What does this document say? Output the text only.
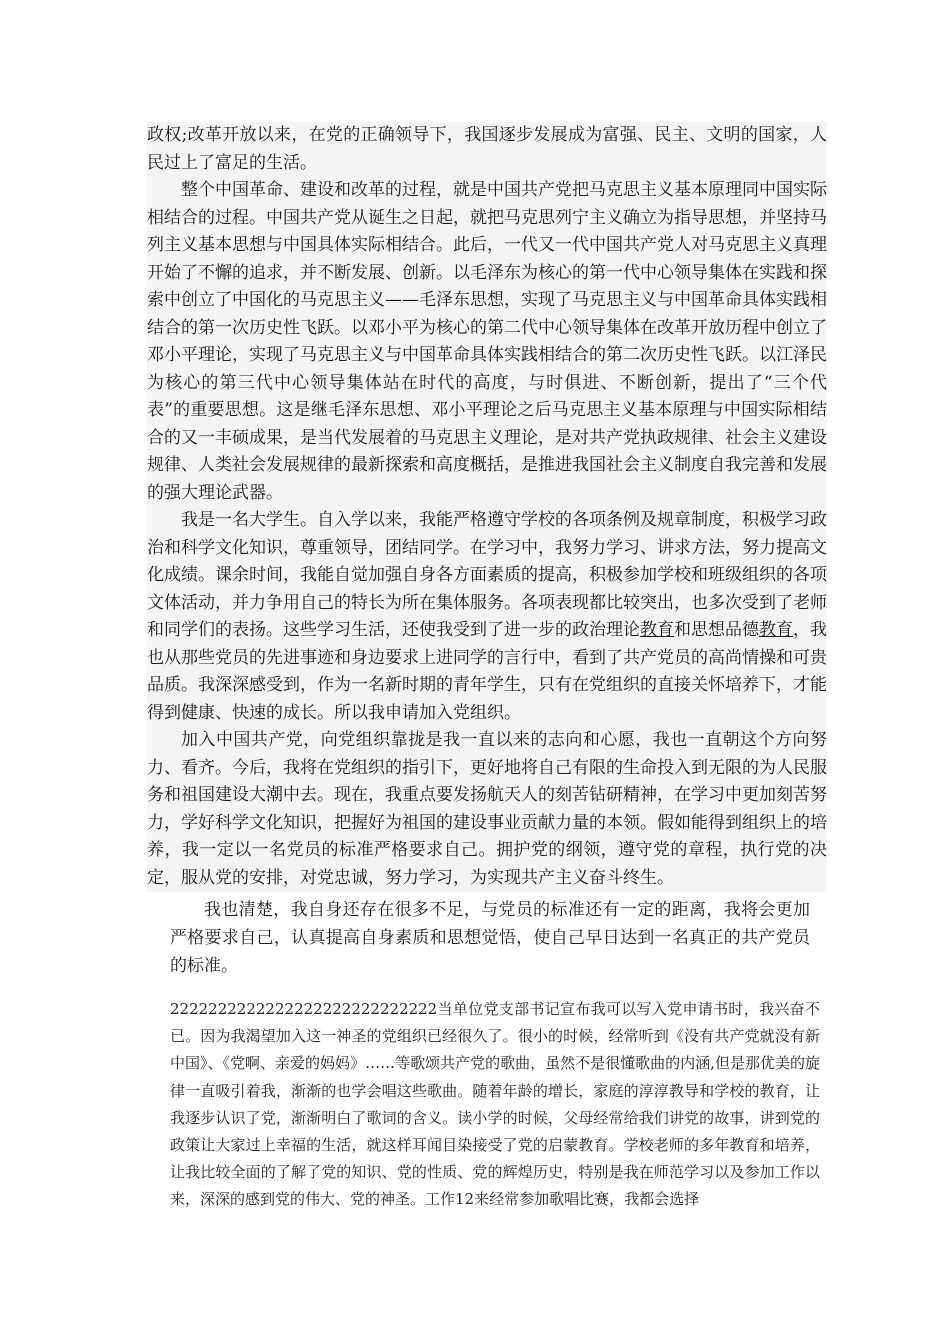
政权;改革开放以来，在党的正确领导下，我国逐步发展成为富强、民主、文明的国家，人民过上了富足的生活。

整个中国革命、建设和改革的过程，就是中国共产党把马克思主义基本原理同中国实际相结合的过程。中国共产党从诞生之日起，就把马克思列宁主义确立为指导思想，并坚持马列主义基本思想与中国具体实际相结合。此后，一代又一代中国共产党人对马克思主义真理开始了不懈的追求，并不断发展、创新。以毛泽东为核心的第一代中心领导集体在实践和探索中创立了中国化的马克思主义——毛泽东思想，实现了马克思主义与中国革命具体实践相结合的第一次历史性飞跃。以邓小平为核心的第二代中心领导集体在改革开放历程中创立了邓小平理论，实现了马克思主义与中国革命具体实践相结合的第二次历史性飞跃。以江泽民为核心的第三代中心领导集体站在时代的高度，与时俱进、不断创新，提出了“三个代表”的重要思想。这是继毛泽东思想、邓小平理论之后马克思主义基本原理与中国实际相结合的又一丰硕成果，是当代发展着的马克思主义理论，是对共产党执政规律、社会主义建设规律、人类社会发展规律的最新探索和高度概括，是推进我国社会主义制度自我完善和发展的强大理论武器。

我是一名大学生。自入学以来，我能严格遵守学校的各项条例及规章制度，积极学习政治和科学文化知识，尊重领导，团结同学。在学习中，我努力学习、讲求方法，努力提高文化成绩。课余时间，我能自觉加强自身各方面素质的提高，积极参加学校和班级组织的各项文体活动，并力争用自己的特长为所在集体服务。各项表现都比较突出，也多次受到了老师和同学们的表扬。这些学习生活，还使我受到了进一步的政治理论教育和思想品德教育，我也从那些党员的先进事迹和身边要求上进同学的言行中，看到了共产党员的高尚情操和可贵品质。我深深感受到，作为一名新时期的青年学生，只有在党组织的直接关怀培养下，才能得到健康、快速的成长。所以我申请加入党组织。

加入中国共产党，向党组织靠拢是我一直以来的志向和心愿，我也一直朝这个方向努力、看齐。今后，我将在党组织的指引下，更好地将自己有限的生命投入到无限的为人民服务和祖国建设大潮中去。现在，我重点要发扬航天人的刻苦钻研精神，在学习中更加刻苦努力，学好科学文化知识，把握好为祖国的建设事业贡献力量的本领。假如能得到组织上的培养，我一定以一名党员的标准严格要求自己。拥护党的纲领，遵守党的章程，执行党的决定，服从党的安排，对党忠诚，努力学习，为实现共产主义奋斗终生。

我也清楚，我自身还存在很多不足，与党员的标准还有一定的距离，我将会更加严格要求自己，认真提高自身素质和思想觉悟，使自己早日达到一名真正的共产党员的标准。

2222222222222222222222222222当单位党支部书记宣布我可以写入党申请书时，我兴奋不已。因为我渴望加入这一神圣的党组织已经很久了。很小的时候，经常听到《没有共产党就没有新中国》、《党啊、亲爱的妈妈》……等歌颂共产党的歌曲，虽然不是很懂歌曲的内涵,但是那优美的旋律一直吸引着我，渐渐的也学会唱这些歌曲。随着年龄的增长，家庭的淳淳教导和学校的教育，让我逐步认识了党，渐渐明白了歌词的含义。读小学的时候，父母经常给我们讲党的故事，讲到党的政策让大家过上幸福的生活，就这样耳闻目染接受了党的启蒙教育。学校老师的多年教育和培养，让我比较全面的了解了党的知识、党的性质、党的辉煌历史，特别是我在师范学习以及参加工作以来，深深的感到党的伟大、党的神圣。工作12来经常参加歌唱比赛，我都会选择
